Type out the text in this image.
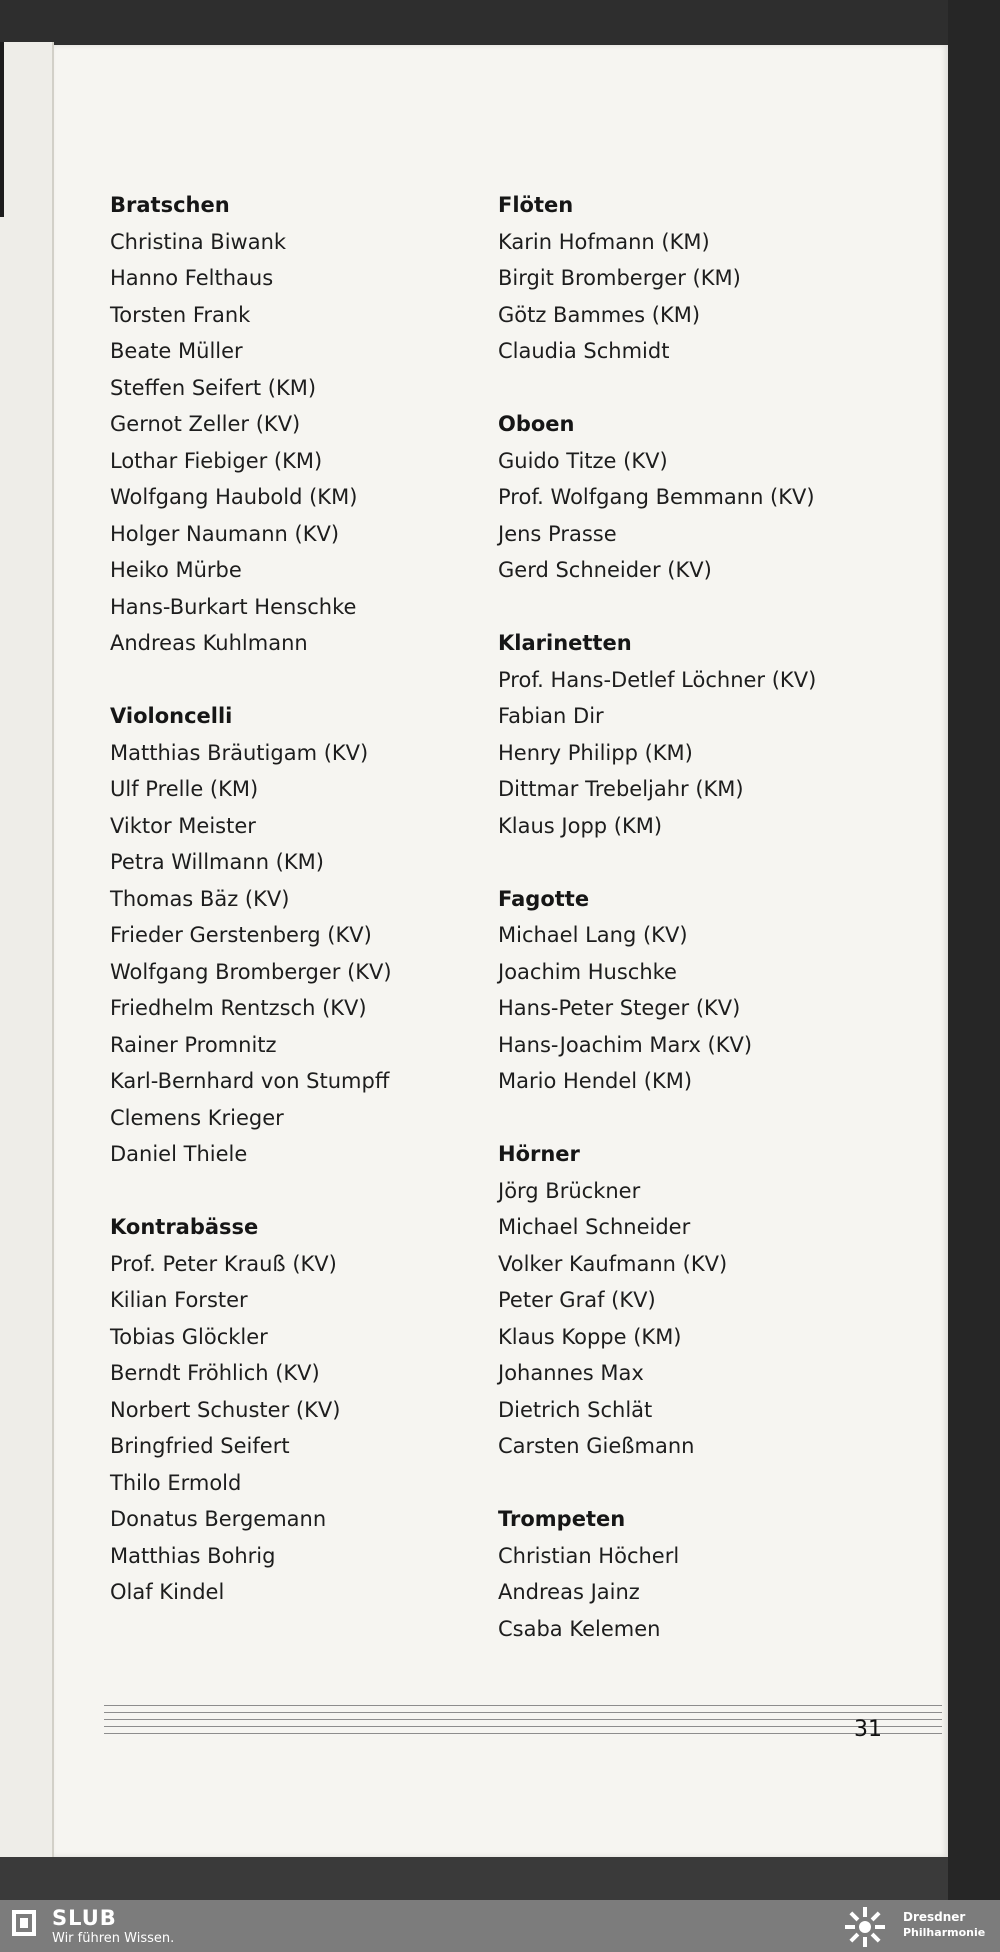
Bratschen
Christina Biwank
Hanno Felthaus
Torsten Frank
Beate Müller
Steffen Seifert (KM)
Gernot Zeller (KV)
Lothar Fiebiger (KM)
Wolfgang Haubold (KM)
Holger Naumann (KV)
Heiko Mürbe
Hans-Burkart Henschke
Andreas Kuhlmann
Violoncelli
Matthias Bräutigam (KV)
Ulf Prelle (KM)
Viktor Meister
Petra Willmann (KM)
Thomas Bäz (KV)
Frieder Gerstenberg (KV)
Wolfgang Bromberger (KV)
Friedhelm Rentzsch (KV)
Rainer Promnitz
Karl-Bernhard von Stumpff
Clemens Krieger
Daniel Thiele
Kontrabässe
Prof. Peter Krauß (KV)
Kilian Forster
Tobias Glöckler
Berndt Fröhlich (KV)
Norbert Schuster (KV)
Bringfried Seifert
Thilo Ermold
Donatus Bergemann
Matthias Bohrig
Olaf Kindel
Flöten
Karin Hofmann (KM)
Birgit Bromberger (KM)
Götz Bammes (KM)
Claudia Schmidt
Oboen
Guido Titze (KV)
Prof. Wolfgang Bemmann (KV)
Jens Prasse
Gerd Schneider (KV)
Klarinetten
Prof. Hans-Detlef Löchner (KV)
Fabian Dir
Henry Philipp (KM)
Dittmar Trebeljahr (KM)
Klaus Jopp (KM)
Fagotte
Michael Lang (KV)
Joachim Huschke
Hans-Peter Steger (KV)
Hans-Joachim Marx (KV)
Mario Hendel (KM)
Hörner
Jörg Brückner
Michael Schneider
Volker Kaufmann (KV)
Peter Graf (KV)
Klaus Koppe (KM)
Johannes Max
Dietrich Schlät
Carsten Gießmann
Trompeten
Christian Höcherl
Andreas Jainz
Csaba Kelemen
31
SLUB
Wir führen Wissen.
Dresdner
Philharmonie
